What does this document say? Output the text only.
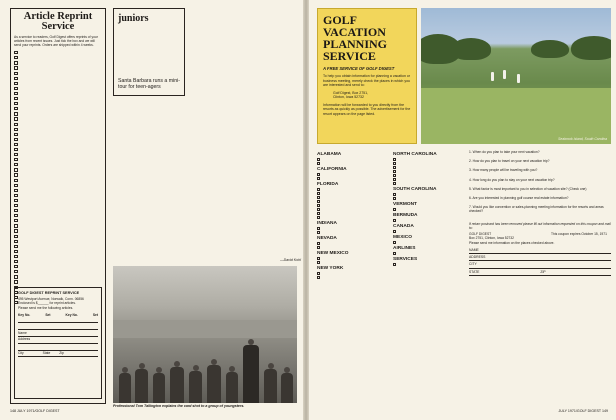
Article Reprint
Service
As a service to readers, Golf Digest offers reprints of your articles from recent issues. Just tick the box and we will send your reprints. Orders are shipped within 4 weeks.

GOLF DIGEST REPRINT SERVICE
495 Westport Avenue, Norwalk, Conn. 06856
Enclosed is $______ for reprint articles.
Please send me the following articles.
Key No.	Set	Key No.	Set
Name
Address

City	State	Zip
juniors
Santa Barbara runs a mini-tour for teen-agers
—David Kohl
Professional Tom Tallington explains the card shot to a group of youngsters.
148 JULY 1971/GOLF DIGEST
GOLF
VACATION
PLANNING
SERVICE
A FREE SERVICE OF GOLF DIGEST
To help you obtain information for planning a vacation or business meeting, merely check the places in which you are interested and send to:
Golf Digest, Box 2751,
Clinton, Iowa 52732
Information will be forwarded to you directly from the resorts as quickly as possible. The advertisement for the resort appears on the page listed.
Seabrook Island, South Carolina
ALABAMA

CALIFORNIA

FLORIDA

INDIANA

NEVADA

NEW MEXICO

NEW YORK

NORTH CAROLINA

SOUTH CAROLINA

VERMONT

BERMUDA

CANADA

MEXICO

AIRLINES

SERVICES

1. When do you plan to take your next vacation?

2. How do you plan to travel on your next vacation trip?

3. How many people will be traveling with you?

4. How long do you plan to stay on your next vacation trip?

5. What factor is most important to you in selection of vacation site? (Check one)

6. Are you interested in planning golf course real estate information?

7. Would you like convention or sales-planning meeting information for the resorts and areas checked?

If return postcard has been removed please fill out information requested on this coupon and mail to:
GOLF DIGEST
Box 2751, Clinton, Iowa 52732
This coupon expires October 15, 1971
Please send me information on the places checked above.
NAME
ADDRESS
CITY
STATE	ZIP
JULY 1971/GOLF DIGEST 149
